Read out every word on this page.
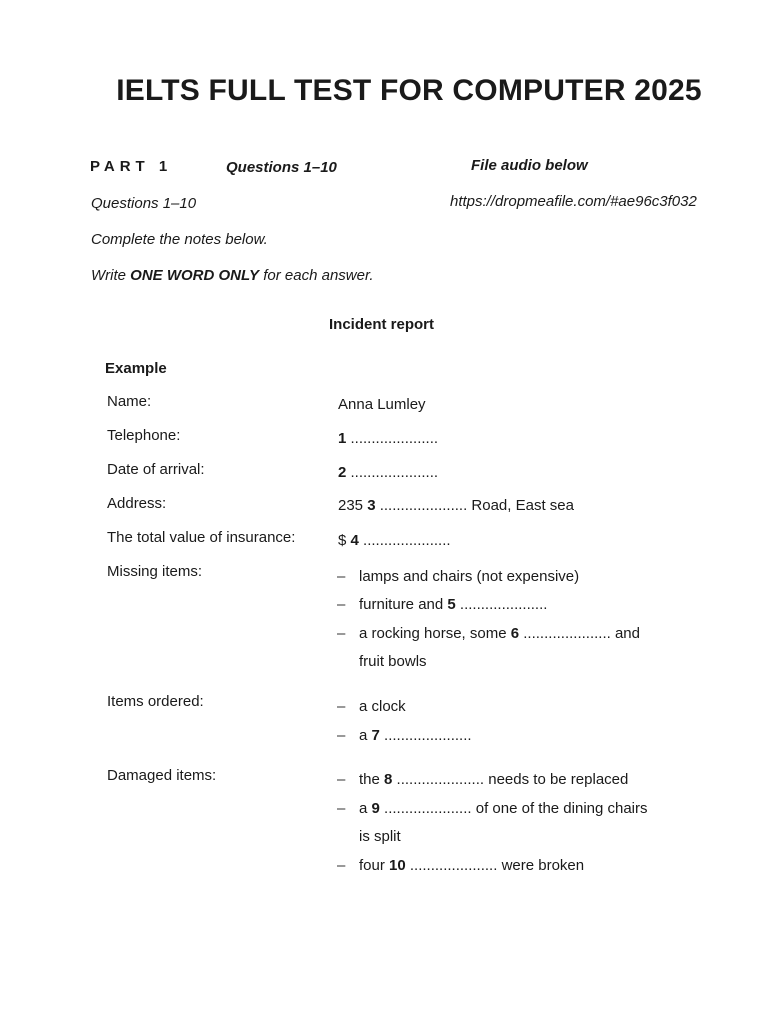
IELTS FULL TEST FOR COMPUTER 2025
PART 1	Questions 1–10	File audio below
https://dropmeafile.com/#ae96c3f032
Questions 1–10
Complete the notes below.
Write ONE WORD ONLY for each answer.
Incident report
Example
Name:	Anna Lumley
Telephone:	1 .....................
Date of arrival:	2 .....................
Address:	235 3 ..................... Road, East sea
The total value of insurance:	$ 4 .....................
Missing items:	– lamps and chairs (not expensive)
– furniture and 5 .....................
– a rocking horse, some 6 ..................... and
fruit bowls
Items ordered:	– a clock
– a 7 .....................
Damaged items:	– the 8 ..................... needs to be replaced
– a 9 ..................... of one of the dining chairs
is split
– four 10 ..................... were broken
